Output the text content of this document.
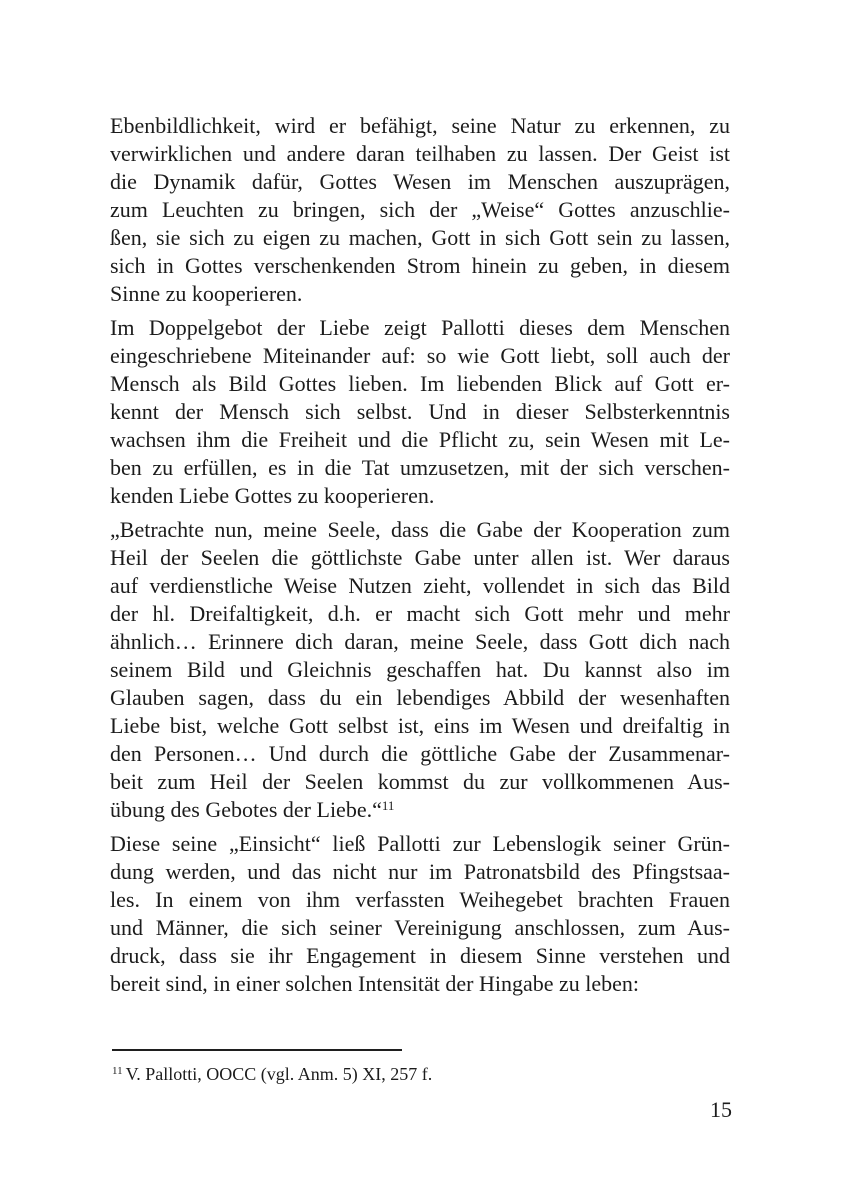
Ebenbildlichkeit, wird er befähigt, seine Natur zu erkennen, zu
verwirklichen und andere daran teilhaben zu lassen. Der Geist ist
die Dynamik dafür, Gottes Wesen im Menschen auszuprägen,
zum Leuchten zu bringen, sich der „Weise“ Gottes anzuschlie-
ßen, sie sich zu eigen zu machen, Gott in sich Gott sein zu lassen,
sich in Gottes verschenkenden Strom hinein zu geben, in diesem
Sinne zu kooperieren.

Im Doppelgebot der Liebe zeigt Pallotti dieses dem Menschen
eingeschriebene Miteinander auf: so wie Gott liebt, soll auch der
Mensch als Bild Gottes lieben. Im liebenden Blick auf Gott er-
kennt der Mensch sich selbst. Und in dieser Selbsterkenntnis
wachsen ihm die Freiheit und die Pflicht zu, sein Wesen mit Le-
ben zu erfüllen, es in die Tat umzusetzen, mit der sich verschen-
kenden Liebe Gottes zu kooperieren.

„Betrachte nun, meine Seele, dass die Gabe der Kooperation zum
Heil der Seelen die göttlichste Gabe unter allen ist. Wer daraus
auf verdienstliche Weise Nutzen zieht, vollendet in sich das Bild
der hl. Dreifaltigkeit, d.h. er macht sich Gott mehr und mehr
ähnlich… Erinnere dich daran, meine Seele, dass Gott dich nach
seinem Bild und Gleichnis geschaffen hat. Du kannst also im
Glauben sagen, dass du ein lebendiges Abbild der wesenhaften
Liebe bist, welche Gott selbst ist, eins im Wesen und dreifaltig in
den Personen… Und durch die göttliche Gabe der Zusammenar-
beit zum Heil der Seelen kommst du zur vollkommenen Aus-
übung des Gebotes der Liebe.“$^{11}$

Diese seine „Einsicht“ ließ Pallotti zur Lebenslogik seiner Grün-
dung werden, und das nicht nur im Patronatsbild des Pfingstsaa-
les. In einem von ihm verfassten Weihegebet brachten Frauen
und Männer, die sich seiner Vereinigung anschlossen, zum Aus-
druck, dass sie ihr Engagement in diesem Sinne verstehen und
bereit sind, in einer solchen Intensität der Hingabe zu leben:

$^{11}$ V. Pallotti, OOCC (vgl. Anm. 5) XI, 257 f.
15
